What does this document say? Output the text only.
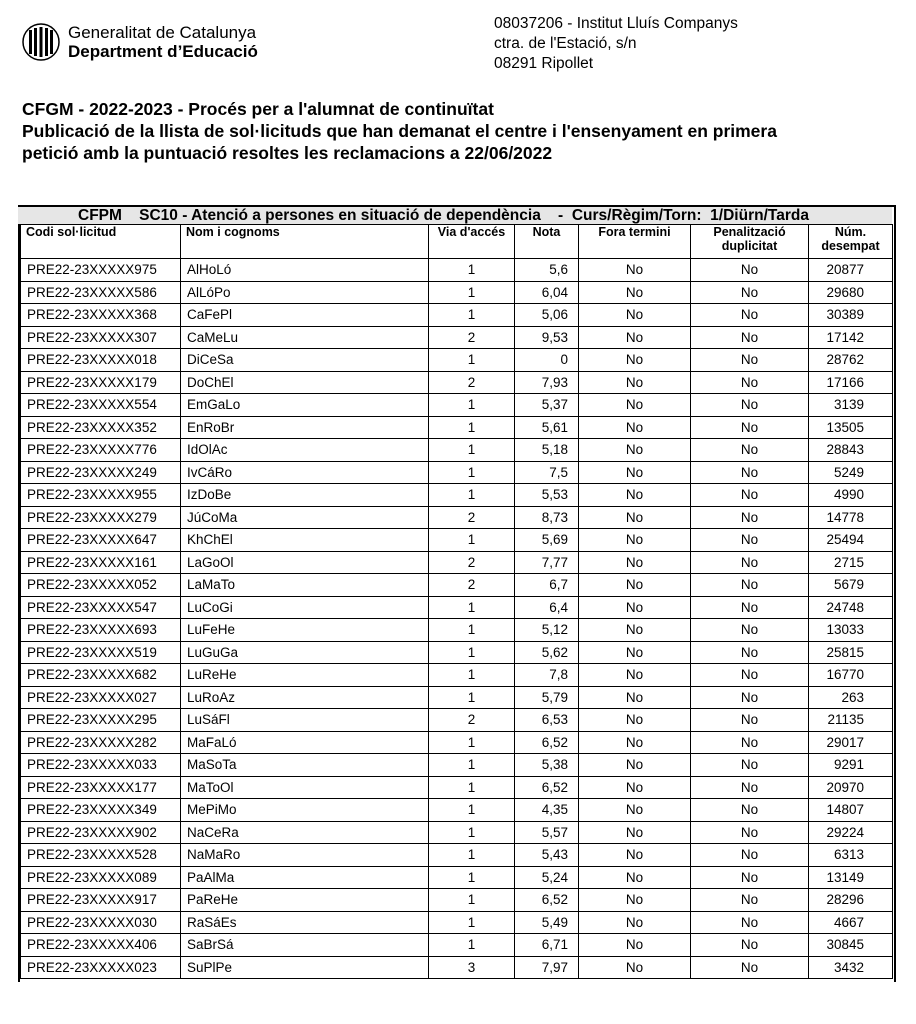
Generalitat de Catalunya
Department d’Educació
08037206 - Institut Lluís Companys
ctra. de l'Estació, s/n
08291 Ripollet
CFGM - 2022-2023 - Procés per a l'alumnat de continuïtat
Publicació de la llista de sol·licituds que han demanat el centre i l'ensenyament en primera
petició amb la puntuació resoltes les reclamacions a 22/06/2022
CFPM    SC10 - Atenció a persones en situació de dependència    -  Curs/Règim/Torn:  1/Diürn/Tarda
Codi sol·licitud	Nom i cognoms	Via d'accés	Nota	Fora termini	Penalització duplicitat	Núm. desempat
PRE22-23XXXXX975	AlHoLó	1	5,6	No	No	20877
PRE22-23XXXXX586	AlLóPo	1	6,04	No	No	29680
PRE22-23XXXXX368	CaFePl	1	5,06	No	No	30389
PRE22-23XXXXX307	CaMeLu	2	9,53	No	No	17142
PRE22-23XXXXX018	DiCeSa	1	0	No	No	28762
PRE22-23XXXXX179	DoChEl	2	7,93	No	No	17166
PRE22-23XXXXX554	EmGaLo	1	5,37	No	No	3139
PRE22-23XXXXX352	EnRoBr	1	5,61	No	No	13505
PRE22-23XXXXX776	IdOlAc	1	5,18	No	No	28843
PRE22-23XXXXX249	IvCáRo	1	7,5	No	No	5249
PRE22-23XXXXX955	IzDoBe	1	5,53	No	No	4990
PRE22-23XXXXX279	JúCoMa	2	8,73	No	No	14778
PRE22-23XXXXX647	KhChEl	1	5,69	No	No	25494
PRE22-23XXXXX161	LaGoOl	2	7,77	No	No	2715
PRE22-23XXXXX052	LaMaTo	2	6,7	No	No	5679
PRE22-23XXXXX547	LuCoGi	1	6,4	No	No	24748
PRE22-23XXXXX693	LuFeHe	1	5,12	No	No	13033
PRE22-23XXXXX519	LuGuGa	1	5,62	No	No	25815
PRE22-23XXXXX682	LuReHe	1	7,8	No	No	16770
PRE22-23XXXXX027	LuRoAz	1	5,79	No	No	263
PRE22-23XXXXX295	LuSáFl	2	6,53	No	No	21135
PRE22-23XXXXX282	MaFaLó	1	6,52	No	No	29017
PRE22-23XXXXX033	MaSoTa	1	5,38	No	No	9291
PRE22-23XXXXX177	MaToOl	1	6,52	No	No	20970
PRE22-23XXXXX349	MePiMo	1	4,35	No	No	14807
PRE22-23XXXXX902	NaCeRa	1	5,57	No	No	29224
PRE22-23XXXXX528	NaMaRo	1	5,43	No	No	6313
PRE22-23XXXXX089	PaAlMa	1	5,24	No	No	13149
PRE22-23XXXXX917	PaReHe	1	6,52	No	No	28296
PRE22-23XXXXX030	RaSáEs	1	5,49	No	No	4667
PRE22-23XXXXX406	SaBrSá	1	6,71	No	No	30845
PRE22-23XXXXX023	SuPlPe	3	7,97	No	No	3432
